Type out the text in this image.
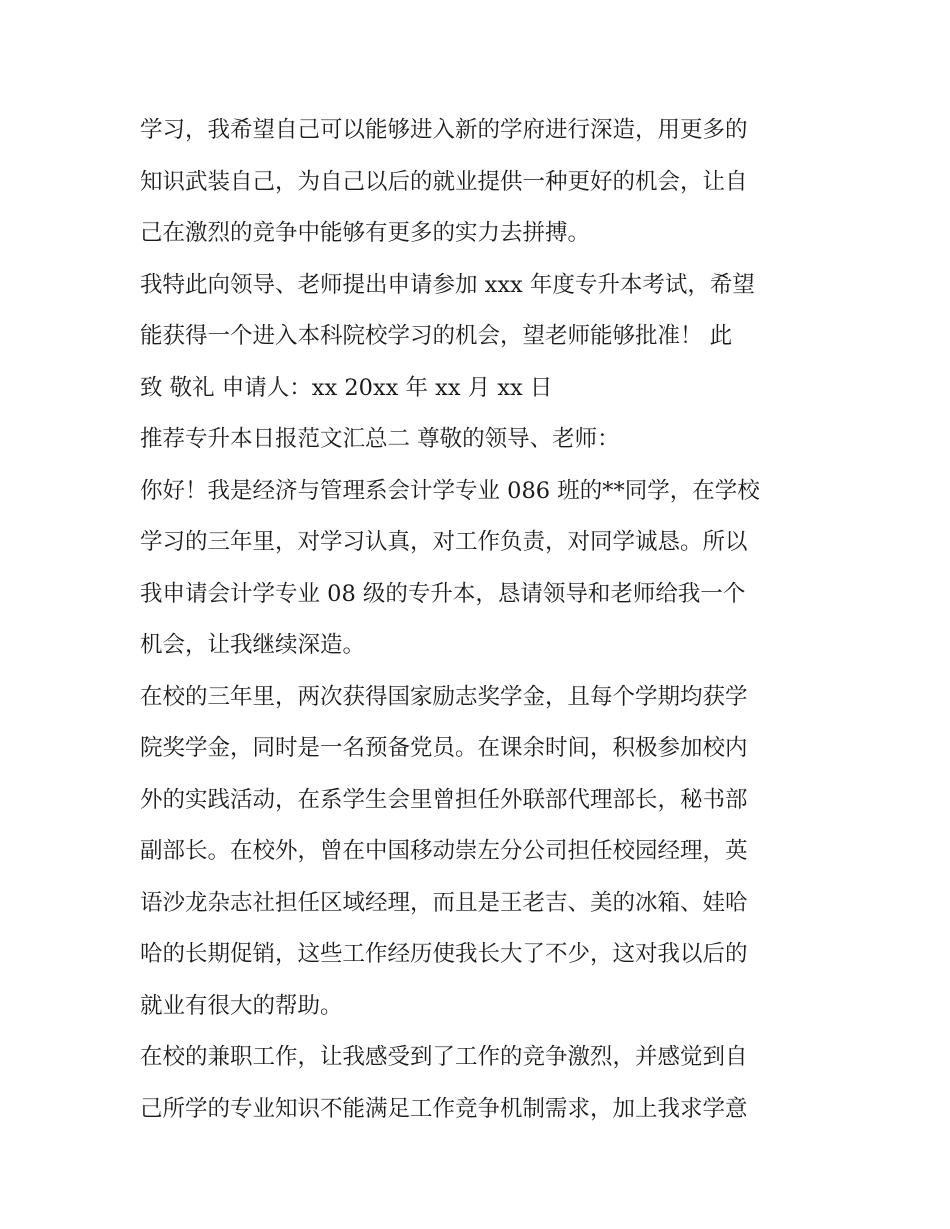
学习，我希望自己可以能够进入新的学府进行深造，用更多的
知识武装自己，为自己以后的就业提供一种更好的机会，让自
己在激烈的竞争中能够有更多的实力去拼搏。

我特此向领导、老师提出申请参加 xxx 年度专升本考试，希望
能获得一个进入本科院校学习的机会，望老师能够批准！ 此
致 敬礼 申请人：xx 20xx 年 xx 月 xx 日

推荐专升本日报范文汇总二 尊敬的领导、老师：

你好！我是经济与管理系会计学专业 086 班的**同学，在学校
学习的三年里，对学习认真，对工作负责，对同学诚恳。所以
我申请会计学专业 08 级的专升本，恳请领导和老师给我一个
机会，让我继续深造。

在校的三年里，两次获得国家励志奖学金，且每个学期均获学
院奖学金，同时是一名预备党员。在课余时间，积极参加校内
外的实践活动，在系学生会里曾担任外联部代理部长，秘书部
副部长。在校外，曾在中国移动崇左分公司担任校园经理，英
语沙龙杂志社担任区域经理，而且是王老吉、美的冰箱、娃哈
哈的长期促销，这些工作经历使我长大了不少，这对我以后的
就业有很大的帮助。

在校的兼职工作，让我感受到了工作的竞争激烈，并感觉到自
己所学的专业知识不能满足工作竞争机制需求，加上我求学意
